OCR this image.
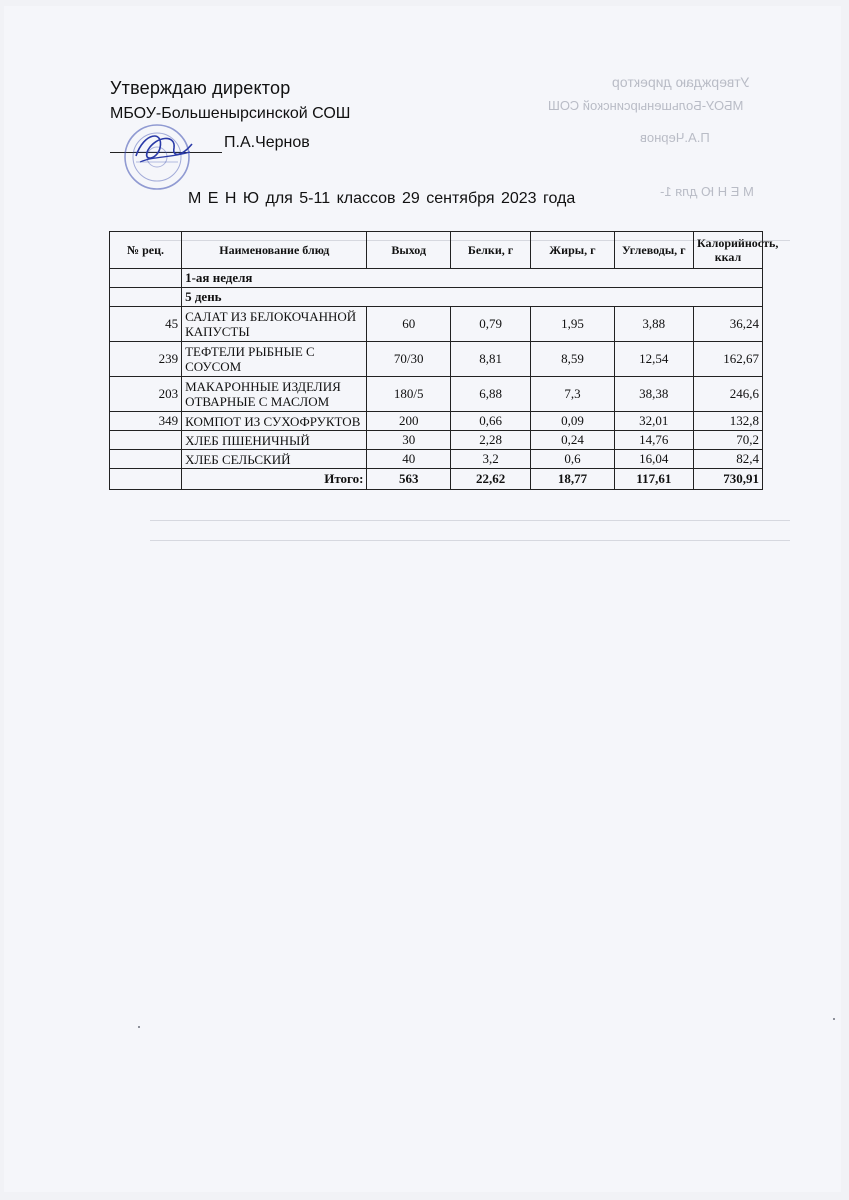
Утверждаю директор
МБОУ-Большенырсинской СОШ
П.А.Чернов
М Е Н Ю для 1-
Утверждаю директор
МБОУ-Большенырсинской СОШ
П.А.Чернов
М Е Н Ю для 5-11 классов 29 сентября 2023 года
№ рец.	Наименование блюд	Выход	Белки, г	Жиры, г	Углеводы, г	Калорийность, ккал
	1-ая неделя					
	5 день					
45	САЛАТ ИЗ БЕЛОКОЧАННОЙ КАПУСТЫ	60	0,79	1,95	3,88	36,24
239	ТЕФТЕЛИ РЫБНЫЕ С СОУСОМ	70/30	8,81	8,59	12,54	162,67
203	МАКАРОННЫЕ ИЗДЕЛИЯ ОТВАРНЫЕ С МАСЛОМ	180/5	6,88	7,3	38,38	246,6
349	КОМПОТ ИЗ СУХОФРУКТОВ	200	0,66	0,09	32,01	132,8
	ХЛЕБ ПШЕНИЧНЫЙ	30	2,28	0,24	14,76	70,2
	ХЛЕБ СЕЛЬСКИЙ	40	3,2	0,6	16,04	82,4
	Итого:	563	22,62	18,77	117,61	730,91
